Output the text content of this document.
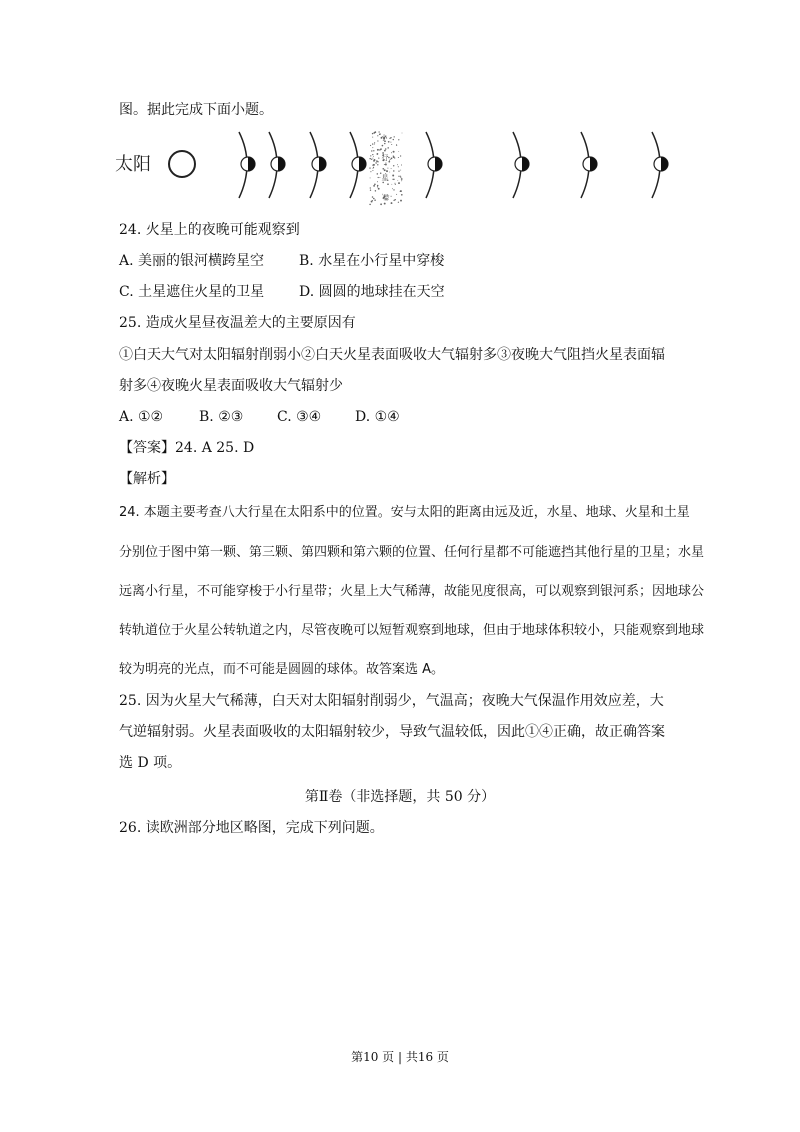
图。据此完成下面小题。
太阳
小
行
星
带
24. 火星上的夜晚可能观察到
A. 美丽的银河横跨星空 B. 水星在小行星中穿梭
C. 土星遮住火星的卫星 D. 圆圆的地球挂在天空
25. 造成火星昼夜温差大的主要原因有
①白天大气对太阳辐射削弱小②白天火星表面吸收大气辐射多③夜晚大气阻挡火星表面辐
射多④夜晚火星表面吸收大气辐射少
A. ①②	B. ②③ C. ③④ D. ①④
【答案】24. A 25. D
【解析】
24. 本题主要考查八大行星在太阳系中的位置。安与太阳的距离由远及近，水星、地球、火星和土星
分别位于图中第一颗、第三颗、第四颗和第六颗的位置、任何行星都不可能遮挡其他行星的卫星；水星
远离小行星，不可能穿梭于小行星带；火星上大气稀薄，故能见度很高，可以观察到银河系；因地球公
转轨道位于火星公转轨道之内，尽管夜晚可以短暂观察到地球，但由于地球体积较小，只能观察到地球
较为明亮的光点，而不可能是圆圆的球体。故答案选 A。
25. 因为火星大气稀薄，白天对太阳辐射削弱少，气温高；夜晚大气保温作用效应差，大
气逆辐射弱。火星表面吸收的太阳辐射较少，导致气温较低，因此①④正确，故正确答案
选 D 项。
第Ⅱ卷（非选择题，共 50 分）
26. 读欧洲部分地区略图，完成下列问题。
第10 页 | 共16 页
